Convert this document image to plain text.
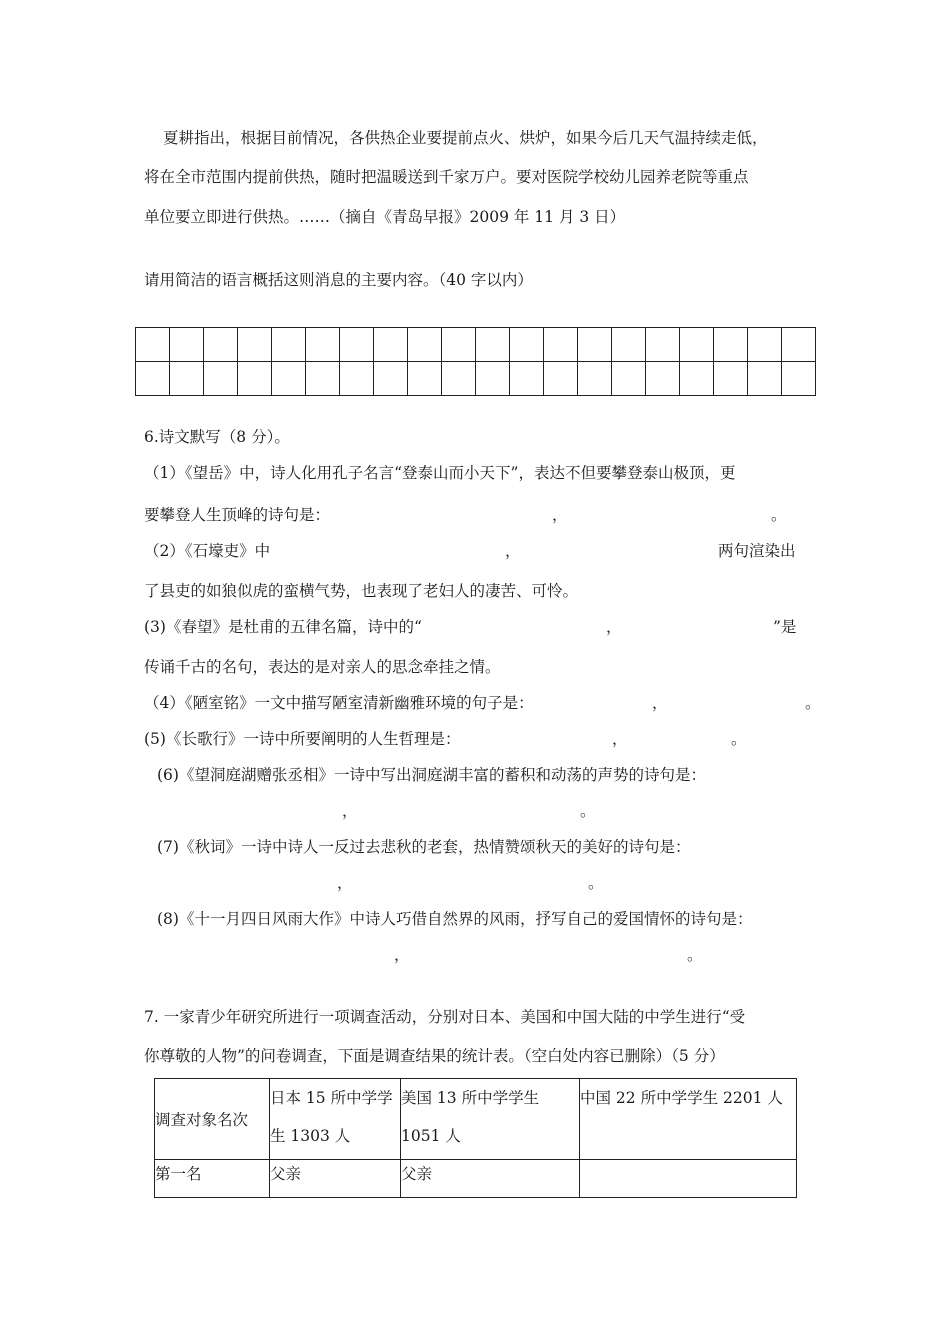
夏耕指出，根据目前情况，各供热企业要提前点火、烘炉，如果今后几天气温持续走低，
将在全市范围内提前供热，随时把温暖送到千家万户。要对医院学校幼儿园养老院等重点
单位要立即进行供热。……（摘自《青岛早报》2009 年 11 月 3 日）
请用简洁的语言概括这则消息的主要内容。（40 字以内）

6.诗文默写（8 分）。
（1）《望岳》中，诗人化用孔子名言“登泰山而小天下”，表达不但要攀登泰山极顶，更
要攀登人生顶峰的诗句是：	，	。
（2）《石壕吏》中	，	两句渲染出
了县吏的如狼似虎的蛮横气势，也表现了老妇人的凄苦、可怜。
(3)《春望》是杜甫的五律名篇，诗中的“	，	”是
传诵千古的名句，表达的是对亲人的思念牵挂之情。
（4）《陋室铭》一文中描写陋室清新幽雅环境的句子是：	，	。
(5)《长歌行》一诗中所要阐明的人生哲理是：	，	。
(6)《望洞庭湖赠张丞相》一诗中写出洞庭湖丰富的蓄积和动荡的声势的诗句是：
，	。
(7)《秋词》一诗中诗人一反过去悲秋的老套，热情赞颂秋天的美好的诗句是：
，	。
(8)《十一月四日风雨大作》中诗人巧借自然界的风雨，抒写自己的爱国情怀的诗句是：
，	。
7. 一家青少年研究所进行一项调查活动，分别对日本、美国和中国大陆的中学生进行“受
你尊敬的人物”的问卷调查，下面是调查结果的统计表。（空白处内容已删除）（5 分）
调查对象名次	日本 15 所中学学生 1303 人	美国 13 所中学学生 1051 人	中国 22 所中学学生 2201 人
第一名	父亲	父亲	
